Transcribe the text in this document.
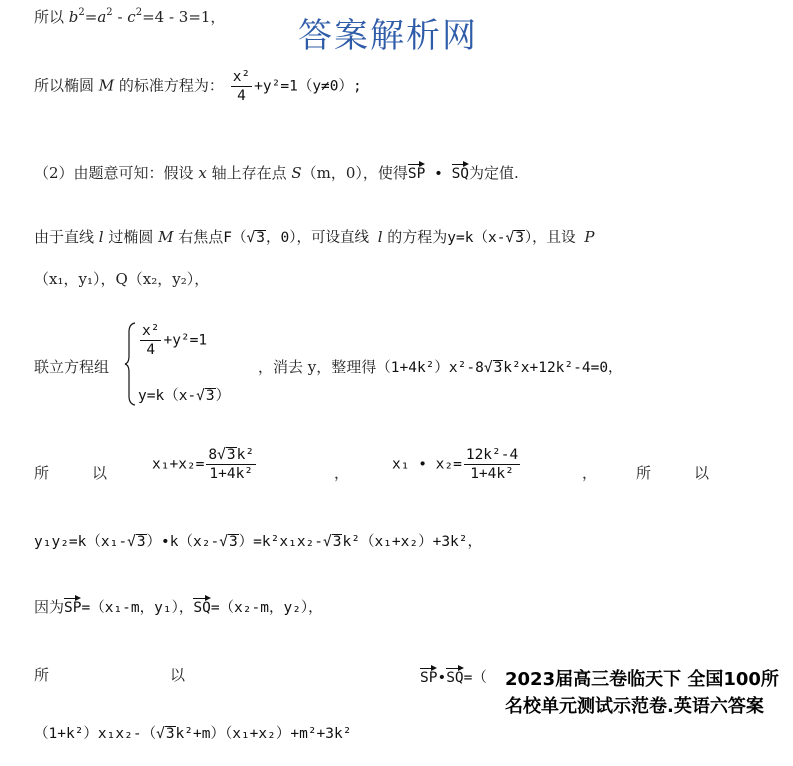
答案解析网
所以 $b^2=a^2 - c^2=4 - 3=1$，
所以椭圆 M 的标准方程为： $\frac{\text{x²}}{4} +y^2=1(y\ne 0)$;
（2）由题意可知：假设 x 轴上存在点 S（m，0），使得SP • SQ为定值.
由于直线 l 过椭圆 M 右焦点F（√3，0），可设直线 l 的方程为y=k（x-√3），且设 P
（x₁，y₁），Q（x₂，y₂），
联立方程组
$\frac{\text{x²}}{4} +y^2=1$
y=k（x-√3）
，消去 y，整理得（1+4k²）x²-8√3k²x+12k²-4=0，
所	以	$x_1+x_2= \frac{\text{8√3k²}}{\text{1+4k²}}$	，	x₁ • $x_2= \frac{\text{12k²-4}}{\text{1+4k²}}$	，	所	以
y₁y₂=k（x₁-√3）•k（x₂-√3）=k²x₁x₂-√3k²（x₁+x₂）+3k²，
因为SP=（x₁-m，y₁），SQ=（x₂-m，y₂），
所	以	SP•SQ=（
（1+k²）x₁x₂-（√3k²+m）（x₁+x₂）+m²+3k²
2023届高三卷临天下 全国100所名校单元测试示范卷.英语六答案
